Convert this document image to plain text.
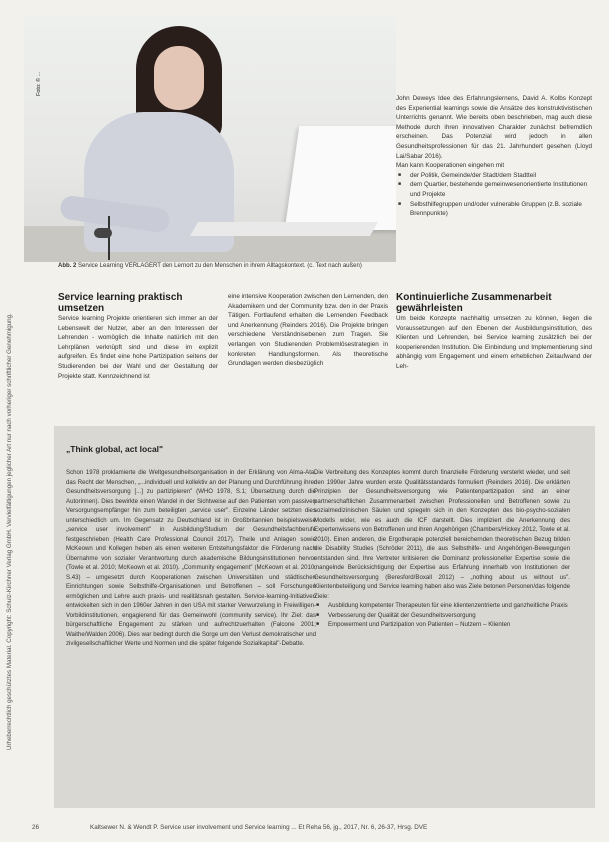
Urheberrechtlich geschütztes Material. Copyright: Schulz-Kirchner Verlag GmbH. Vervielfältigungen jeglicher Art nur nach vorheriger schriftlicher Genehmigung.
Foto: © ...
Abb. 2 Service Learning VERLAGERT den Lernort zu den Menschen in ihrem Alltagskontext. (c. Text nach außen)

John Deweys Idee des Erfahrungslernens, David A. Kolbs Konzept des Experiential learnings sowie die Ansätze des konstruktivistischen Unterrichts genannt. Wie bereits oben beschrieben, mag auch diese Methode durch ihren innovativen Charakter zunächst befremdlich erscheinen. Das Potenzial wird jedoch in allen Gesundheitsprofessionen für das 21. Jahrhundert gesehen (Lloyd Lai/Sabar 2016).

Man kann Kooperationen eingehen mit

■ der Politik, Gemeinde/der Stadt/dem Stadtteil
■ dem Quartier, bestehende gemeinwesenorientierte Institutionen und Projekte
■ Selbsthilfegruppen und/oder vulnerable Gruppen (z.B. soziale Brennpunkte)
Service learning praktisch umsetzen

Service learning Projekte orientieren sich immer an der Lebenswelt der Nutzer, aber an den Interessen der Lehrenden - womöglich die Inhalte natürlich mit den Lehrplänen verknüpft sind und diese im explizit aufgreifen. Es findet eine hohe Partizipation seitens der Studierenden bei der Wahl und der Gestaltung der Projekte statt. Kennzeichnend ist

eine intensive Kooperation zwischen den Lernenden, den Akademikern und der Community bzw. den in der Praxis Tätigen. Fortlaufend erhalten die Lernenden Feedback und Anerkennung (Reinders 2016). Die Projekte bringen verschiedene Verständnisebenen zum Tragen. Sie verlangen von Studierenden Problemlösestrategien in konkreten Handlungsformen. Als theoretische Grundlagen werden diesbezüglich

Kontinuierliche Zusammenarbeit gewährleisten

Um beide Konzepte nachhaltig umsetzen zu können, liegen die Voraussetzungen auf den Ebenen der Ausbildungsinstitution, des Klienten und Lehrenden, bei Service learning zusätzlich bei der kooperierenden Institution. Die Einbindung und Implementierung sind abhängig vom Engagement und einem erheblichen Zeitaufwand der Leh-

„Think global, act local"

Schon 1978 proklamierte die Weltgesundheitsorganisation in der Erklärung von Alma-Ata, das Recht der Menschen, „...individuell und kollektiv an der Planung und Durchführung ihrer Gesundheitsversorgung [...] zu partizipieren" (WHO 1978, S.1; Übersetzung durch die Autorinnen). Dies bewirkte einen Wandel in der Sichtweise auf den Patienten vom passiven Versorgungsempfänger hin zum beteiligten „service user". Einzelne Länder setzten dies unterschiedlich um. Im Gegensatz zu Deutschland ist in Großbritannien beispielsweise „service user involvement" in Ausbildung/Studium der Gesundheitsfachberufe festgeschrieben (Health Care Professional Council 2017). Theile und Anlagen sowie McKeown und Kollegen heben als einen weiteren Entstehungsfaktor die Förderung nach Übernahme von sozialer Verantwortung durch akademische Bildungsinstitutionen hervor (Towle et al. 2010; McKeown et al. 2010). „Community engagement" (McKeown et al. 2010, S.43) – umgesetzt durch Kooperationen zwischen Universitäten und städtischen Einrichtungen sowie Selbsthilfe-Organisationen und Betroffenen – soll Forschungen ermöglichen und Lehre auch praxis- und realitätsnah gestalten. Service-learning-Initiativen entwickelten sich in den 1960er Jahren in den USA mit starker Verwurzelung in Freiwilligen-Vorbildinstitutionen, engagierend für das Gemeinwohl (community service). Ihr Ziel: das bürgerschaftliche Engagement zu stärken und aufrechtzuerhalten (Falcone 2001; Waithe/Walden 2006). Dies war bedingt durch die Sorge um den Verlust demokratischer und zivilgesellschaftlicher Werte und Normen und die später folgende Sozialkapital"-Debatte.

Die Verbreitung des Konzeptes kommt durch finanzielle Förderung versterkt wieder, und seit den 1990er Jahre wurden erste Qualitätsstandards formuliert (Reinders 2016). Die erklärten Prinzipien der Gesundheitsversorgung wie Patientenpartizipation sind an einer partnerschaftlichen Zusammenarbeit zwischen Professionellen und Betroffenen sowie zu sozialmedizinischen Säulen und spiegeln sich in den Konzepten des bio-psycho-sozialen Modells wider, wie es auch die ICF darstellt. Dies impliziert die Anerkennung des Expertenwissens von Betroffenen und ihren Angehörigen (Chambers/Hickey 2012, Towle et al. 2010). Einen anderen, die Ergotherapie potenziell bereichernden theoretischen Bezug bilden die Disability Studies (Schröder 2011), die aus Selbsthilfe- und Angehörigen-Bewegungen entstanden sind. Ihre Vertreter kritisieren die Dominanz professioneller Expertise sowie die mangelnde Berücksichtigung der Expertise aus Erfahrung innerhalb von Institutionen der Gesundheitsversorgung (Beresford/Boxall 2012) – „nothing about us without us". Klientenbeteiligung und Service learning haben also was Ziele betonen Personen/das folgende Ziele:

■ Ausbildung kompetenter Therapeuten für eine klientenzentrierte und ganzheitliche Praxis
■ Verbesserung der Qualität der Gesundheitsversorgung
■ Empowerment und Partizipation von Patienten – Nutzern – Klienten
26	Kaltsewer N. & Wendt P. Service user involvement und Service learning ... Et Reha 56, jg., 2017, Nr. 6, 26-37, Hrsg. DVE
